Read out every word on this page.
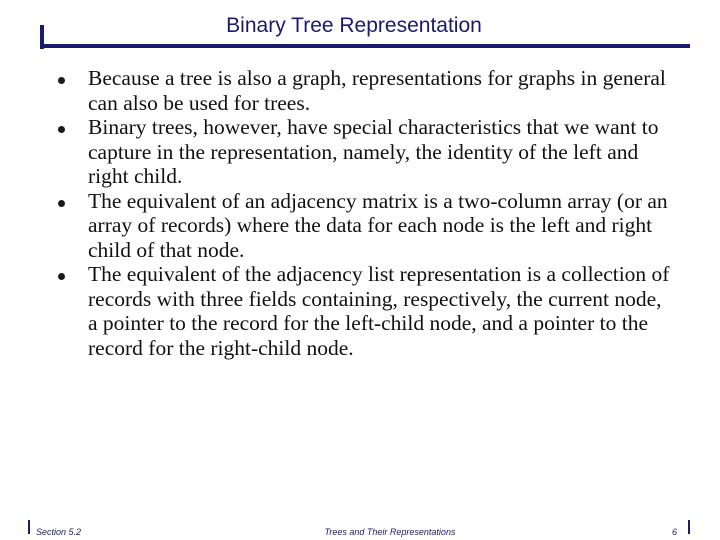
Binary Tree Representation
Because a tree is also a graph, representations for graphs in general can also be used for trees.
Binary trees, however, have special characteristics that we want to capture in the representation, namely, the identity of the left and right child.
The equivalent of an adjacency matrix is a two-column array (or an array of records) where the data for each node is the left and right child of that node.
The equivalent of the adjacency list representation is a collection of records with three fields containing, respectively, the current node, a pointer to the record for the left-child node, and a pointer to the record for the right-child node.
Section 5.2	Trees and Their Representations	6
